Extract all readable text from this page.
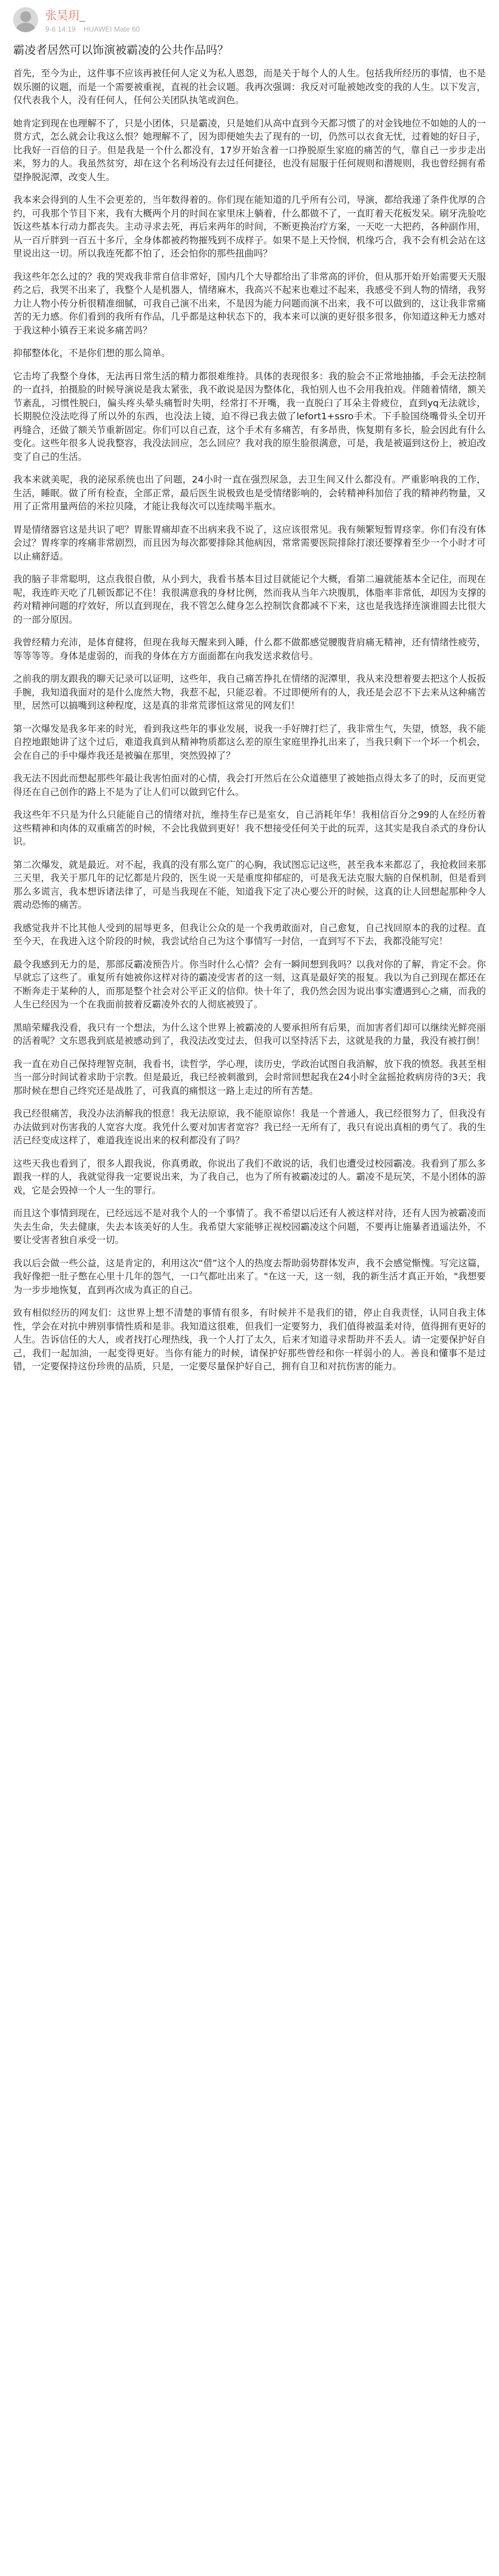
张昊玥_
9-6 14:19 HUAWEI Mate 60
霸凌者居然可以饰演被霸凌的公共作品吗？

首先，至今为止，这件事不应该再被任何人定义为私人恩怨，而是关于每个人的人生。包括我所经历的事情，也不是娱乐圈的议题，而是一个需要被重视，直视的社会议题。我再次强调：我反对可耻被她改变的我的人生。以下发言，仅代表我个人，没有任何人，任何公关团队执笔或润色。

她肯定到现在也理解不了，只是小团体，只是霸凌，只是她们从高中直到今天都习惯了的对金钱地位不如她的人的一贯方式，怎么就会让我这么恨？她理解不了，因为即便她失去了现有的一切，仍然可以衣食无忧，过着她的好日子，比我好一百倍的日子。但是我是一个什么都没有，17岁开始含着一口挣脱原生家庭的痛苦的气，靠自己一步步走出来，努力的人。我虽然贫穷，却在这个名利场没有去过任何捷径，也没有屈服于任何规则和潜规则，我也曾经拥有希望挣脱泥潭，改变人生。

我本来会得到的人生不会更差的，当年数得着的。你们现在能知道的几乎所有公司，导演，都给我递了条件优厚的合约，可我那个节目下来，我有大概两个月的时间在家里床上躺着，什么都做不了，一直盯着天花板发呆。刷牙洗脸吃饭这些基本行动力都丧失。主动寻求去死，再后来两年的时间，不断更换治疗方案，一天吃一大把药，各种副作用，从一百斤胖到一百五十多斤，全身体都被药物摧残到不成样子。如果不是上天怜悯，机缘巧合，我不会有机会站在这里说出这一切。所以我连死都不怕了，还会怕你的那些扭曲吗？

我这些年怎么过的？我的哭戏我非常自信非常好，国内几个大导都给出了非常高的评价，但从那开始开始需要天天服药之后，我哭不出来了，我整个人是机器人，情绪麻木，我高兴不起来也难过不起来，我感受不到人物的情绪，我努力让人物小传分析很精准细腻，可我自己演不出来，不是因为能力问题而演不出来，我不可以做到的，这让我非常痛苦的无力感。你们看到的我所有作品，几乎都是这种状态下的，我本来可以演的更好很多很多，你知道这种无力感对于我这种小镇吞王来说多痛苦吗？

抑郁整体化，不是你们想的那么简单。

它击垮了我整个身体，无法再日常生活的精力都很难维持。具体的表现很多：我的脸会不正常地抽搐，手会无法控制的一直抖，拍摄脸的时候导演说是我太紧张，我不敢说是因为整体化，我怕别人也不会用我拍戏。伴随着情绪，额关节紊乱，习惯性脱臼，偏头疼头晕头痛暂时失明，经常打不开嘴，我一直脱臼了耳朵主骨疲位，直到yq无法就诊，长期脱位没法吃得了所以外的东西，也没法上镜，迫不得已我去做了lefort1+ssro手术。下手脸国绕嘴骨头全切开再缝合，还做了额关节重新固定。你们可以自己查，这个手术有多痛苦，有多昂贵，恢复期有多长，脸会因此有什么变化。这些年很多人说我整容，我没法回应，怎么回应？我对我的原生脸很满意，可是，我是被逼到这份上，被迫改变了自己的生活。

我本来就美呢，我的泌尿系统也出了问题，24小时一直在强烈尿急，去卫生间又什么都没有。严重影响我的工作，生活，睡眠。做了所有检查，全部正常，最后医生说极致也是受情绪影响的，会转精神科加倍了我的精神药物量，又用了正常用量两倍的米拉贝隆，才能让我每次可以连续喝半瓶水。

胃是情绪器官这是共识了吧？胃胀胃痛却查不出病来我不说了，这应该很常见。我有频繁短暂胃痉挛。你们有没有体会过？胃疼挛的疼痛非常剧烈，而且因为每次都要排除其他病因，常常需要医院排除打滚还要撑着至少一个小时才可以止痛舒适。

我的脑子非常聪明，这点我很自傲，从小到大，我看书基本目过目就能记个大概，看第二遍就能基本全记住，而现在呢，我连昨天吃了几顿饭都记不住！我很满意我的身材比例，然而我从当年六块腹肌，体脂率非常低，却因为支撑的药对精神问题的疗效好，所以直到现在，我不管怎么健身怎么控制饮食都减不下来，这也是我选择连演谁圆去比很大的一部分原因。

我曾经精力充沛，是体育健将，但现在我每天醒来到入睡，什么都不做都感觉腰腹背肩痛无精神，还有情绪性疲劳，等等等等。身体是虚弱的，而我的身体在方方面面都在向我发送求救信号。

之前我的朋友跟我的聊天记录可以证明，这些年，我自己痛苦挣扎在情绪的泥潭里，我从来没想着要去把这个人扳扳手腕，我知道我面对的是什么庞然大物，我惹不起，只能忍着。不过即便所有的人，我还是会忍不下去来从这种痛苦里，居然可以搞嘴到这种程度，这是真的非常荒谬恒这常见的网友们！

第一次爆发是我多年来的时光，看到我这些年的事业发展，说我一手好牌打烂了，我非常生气，失望，愤怒，我不能自控地跟她讲了这个过后，难道我真到从精神物质都这么差的原生家庭里挣扎出来了，当我只剩下一个坏一个机会，会在自己的手中爆炸我还是被骗在那里，突然毁掉了？

我无法不因此而想起那些年最让我害怕面对的心情，我会打开然后在公众道德里了被她指点得太多了的时，反而更觉得还在自己创作的路上不是为了让人们可以做到它什么。

我这些年不只是为什么只能能自己的情绪对抗，维持生存已是室女，自己消耗年华！我相信百分之99的人在经历着这些精神和肉体的双重痛苦的时候，不会比我做到更好！我不想接受任何关于此的玩弄，这其实是我自杀式的身份认识。

第二次爆发，就是最近。对不起，我真的没有那么宽广的心胸，我试图忘记这些，甚至我本来都忍了，我抢救回来那三天里，我关于那几年的记忆都是片段的，医生说一天是重度抑郁症的，可是我无法克服大脑的自保机制，但是看到那么多谎言，我本想诉诸法律了，可是当我现在不能，知道我下定了决心要公开的时候，这真的让人回想起那种令人震动恐怖的痛苦。

我感觉我并不比其他人受到的屈辱更多，但我让公众的是一个我勇敢面对，自己愈复，自己找回原本的我的过程。直至今天，在我进入这个阶段的时候，我尝试给自己为这个事情写一封信，一直到写不下去，我都没能写完！

最令我感到无力的是，那部反霸凌预告片。你当时什么心情？会有一瞬间想到我吗？以我对你的了解，肯定不会。你早就忘了这些了。重复所有她被你这样对待的霸凌受害者的这一刻，这真是最好笑的报复。我以为自己到现在都还在不断奔走于某种的人，而那是整个社会对公平正义的信仰。快十年了，我仍然会因为说出事实遭遇到心之痛，而我的人生已经因为一个在我面前披着反霸凌外衣的人彻底被毁了。

黑暗荣耀我没看，我只有一个想法，为什么这个世界上被霸凌的人要承担所有后果，而加害者们却可以继续光鲜亮丽的活着呢？文东恩我到底是被感动到了，我没法改变过去，但我可以坚持活下去，这就是我的力量，我没有被打倒！

我一直在劝自己保持理智克制，我看书，读哲学，学心理，读历史，学政治试图自我消解，放下我的愤怒。我甚至相当一部分时间试着求助于宗教。但是最近，我已经被刺激到，会时常回想起我在24小时全盆摇抢救病房待的3天；我那时候在想自己终究还是战胜了，可我真的痛恨这一路上走过的所有苦楚。

我已经很痛苦，我没办法消解我的恨意！我无法原谅，我不能原谅你！我是一个普通人，我已经很努力了，但我没有办法做到对伤害我的人宽容大度。我凭什么要对加害者宽容？我已经一无所有了，我只有说出真相的勇气了。我的生活已经变成这样了，难道我连说出来的权利都没有了吗？

这些天我也看到了，很多人跟我说，你真勇敢，你说出了我们不敢说的话，我们也遭受过校园霸凌。我看到了那么多跟我一样的人，我就觉得我一定要说出来，为了我自己，也为了所有被霸凌过的人。霸凌不是玩笑，不是小团体的游戏，它是会毁掉一个人一生的罪行。

而且这个事情到现在，已经远远不是对我个人的一个事情了。我不希望以后还有人被这样对待，还有人因为被霸凌而失去生命，失去健康，失去本该美好的人生。我希望大家能够正视校园霸凌这个问题，不要再让施暴者逍遥法外，不要让受害者独自承受一切。

我以后会做一些公益，这是肯定的，利用这次“借”这个人的热度去帮助弱势群体发声，我不会感觉惭愧。写完这篇，我好像把一肚子憋在心里十几年的怨气，一口气都吐出来了。"在这一天，这一刻，我的新生活才真正开始，"我想要为一步步地恢复，直到再次成为真正的自己。

致有相似经历的网友们：这世界上想不清楚的事情有很多，有时候并不是我们的错，停止自我责怪，认同自我主体性，学会在对抗中辨别事情性质和是非。我知道这很难，但我们一定要努力，我们值得被温柔对待，值得拥有更好的人生。告诉信任的大人，或者找打心理热线，我一个人打了太久，后来才知道寻求帮助并不丢人。请一定要保护好自己，我们一起加油，一起变得更好。当你有能力的时候，请保护好那些曾经和你一样弱小的人。善良和懂事不是过错，一定要保持这份珍贵的品质，只是，一定要尽量保护好自己，拥有自卫和对抗伤害的能力。
